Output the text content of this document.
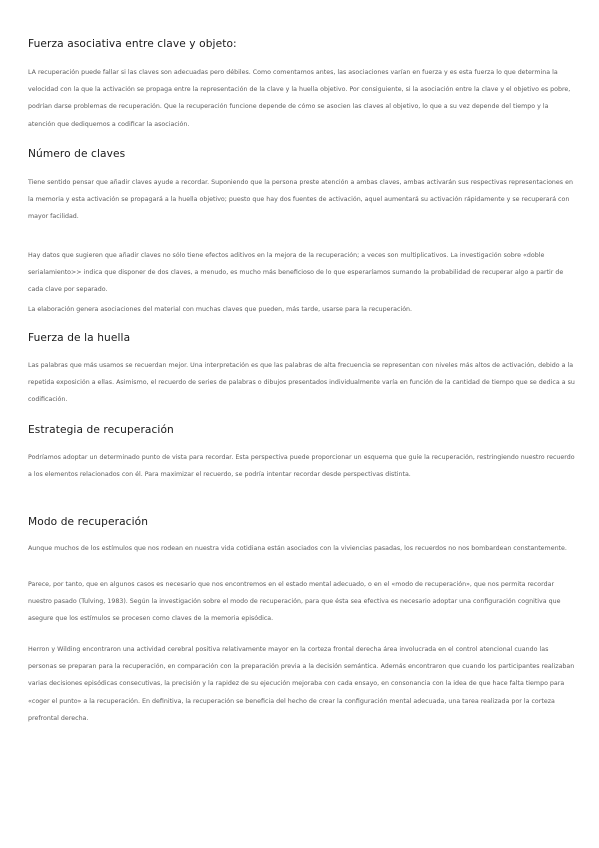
Fuerza asociativa entre clave y objeto:

LA recuperación puede fallar si las claves son adecuadas pero débiles. Como comentamos antes, las asociaciones varían en fuerza y es esta fuerza lo que determina la velocidad con la que la activación se propaga entre la representación de la clave y la huella objetivo. Por consiguiente, si la asociación entre la clave y el objetivo es pobre, podrían darse problemas de recuperación. Que la recuperación funcione depende de cómo se asocien las claves al objetivo, lo que a su vez depende del tiempo y la atención que dediquemos a codificar la asociación.

Número de claves

Tiene sentido pensar que añadir claves ayude a recordar. Suponiendo que la persona preste atención a ambas claves, ambas activarán sus respectivas representaciones en la memoria y esta activación se propagará a la huella objetivo; puesto que hay dos fuentes de activación, aquel aumentará su activación rápidamente y se recuperará con mayor facilidad.

Hay datos que sugieren que añadir claves no sólo tiene efectos aditivos en la mejora de la recuperación; a veces son multiplicativos. La investigación sobre «doble serialamiento>> indica que disponer de dos claves, a menudo, es mucho más beneficioso de lo que esperaríamos sumando la probabilidad de recuperar algo a partir de cada clave por separado.

La elaboración genera asociaciones del material con muchas claves que pueden, más tarde, usarse para la recuperación.

Fuerza de la huella

Las palabras que más usamos se recuerdan mejor. Una interpretación es que las palabras de alta frecuencia se representan con niveles más altos de activación, debido a la repetida exposición a ellas. Asimismo, el recuerdo de series de palabras o dibujos presentados individualmente varía en función de la cantidad de tiempo que se dedica a su codificación.

Estrategia de recuperación

Podríamos adoptar un determinado punto de vista para recordar. Esta perspectiva puede proporcionar un esquema que guíe la recuperación, restringiendo nuestro recuerdo a los elementos relacionados con él. Para maximizar el recuerdo, se podría intentar recordar desde perspectivas distinta.

Modo de recuperación

Aunque muchos de los estímulos que nos rodean en nuestra vida cotidiana están asociados con la viviencias pasadas, los recuerdos no nos bombardean constantemente.

Parece, por tanto, que en algunos casos es necesario que nos encontremos en el estado mental adecuado, o en el «modo de recuperación», que nos permita recordar nuestro pasado (Tulving, 1983). Según la investigación sobre el modo de recuperación, para que ésta sea efectiva es necesario adoptar una configuración cognitiva que asegure que los estímulos se procesen como claves de la memoria episódica.

Herron y Wilding encontraron una actividad cerebral positiva relativamente mayor en la corteza frontal derecha área involucrada en el control atencional cuando las personas se preparan para la recuperación, en comparación con la preparación previa a la decisión semántica. Además encontraron que cuando los participantes realizaban varias decisiones episódicas consecutivas, la precisión y la rapidez de su ejecución mejoraba con cada ensayo, en consonancia con la idea de que hace falta tiempo para «coger el punto» a la recuperación. En definitiva, la recuperación se beneficia del hecho de crear la configuración mental adecuada, una tarea realizada por la corteza prefrontal derecha.
